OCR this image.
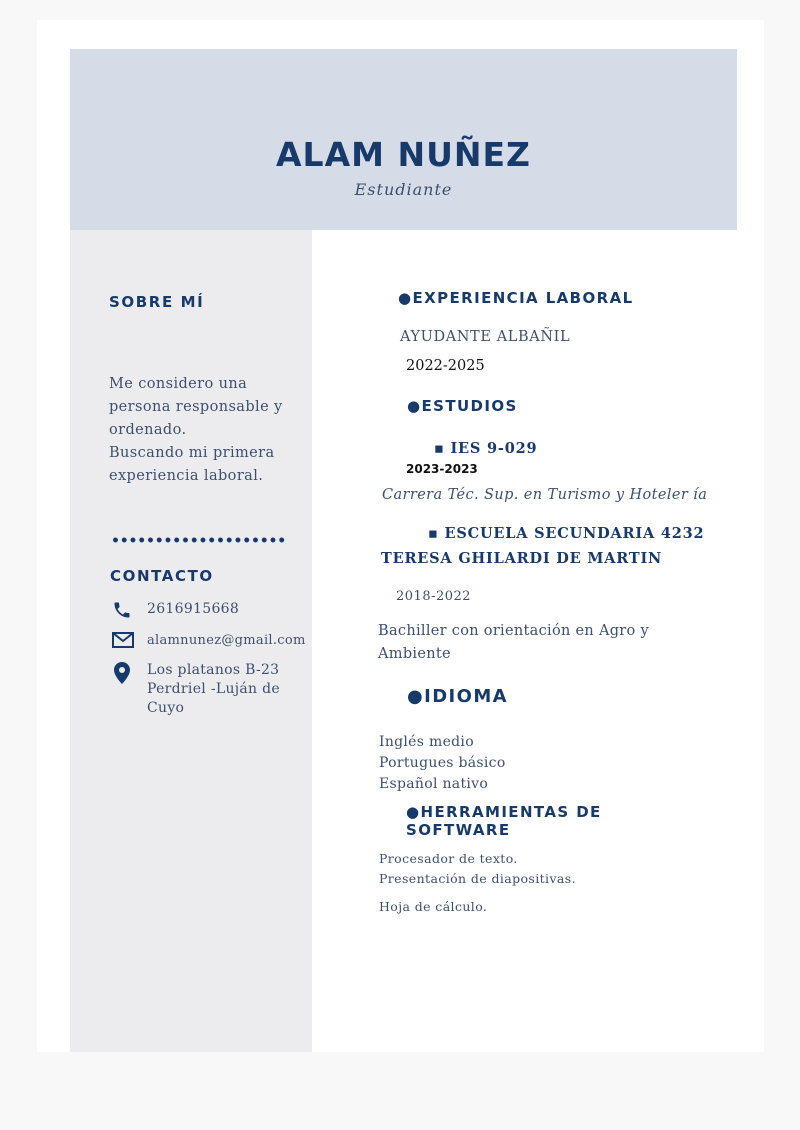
ALAM NUÑEZ
Estudiante
SOBRE MÍ
Me considero una
persona responsable y
ordenado.
Buscando mi primera
experiencia laboral.
••••••••••••••••••••
CONTACTO
2616915668
alamnunez@gmail.com
Los platanos B-23
Perdriel -Luján de
Cuyo
●EXPERIENCIA LABORAL
AYUDANTE ALBAÑIL
2022-2025
●ESTUDIOS
▪ IES 9-029
2023-2023
Carrera Téc. Sup. en Turismo y Hoteler ía
▪ ESCUELA SECUNDARIA 4232
TERESA GHILARDI DE MARTIN
2018-2022
Bachiller con orientación en Agro y
Ambiente
●IDIOMA
Inglés medio
Portugues básico
Español nativo
●HERRAMIENTAS DE
SOFTWARE
Procesador de texto.
Presentación de diapositivas.
Hoja de cálculo.
